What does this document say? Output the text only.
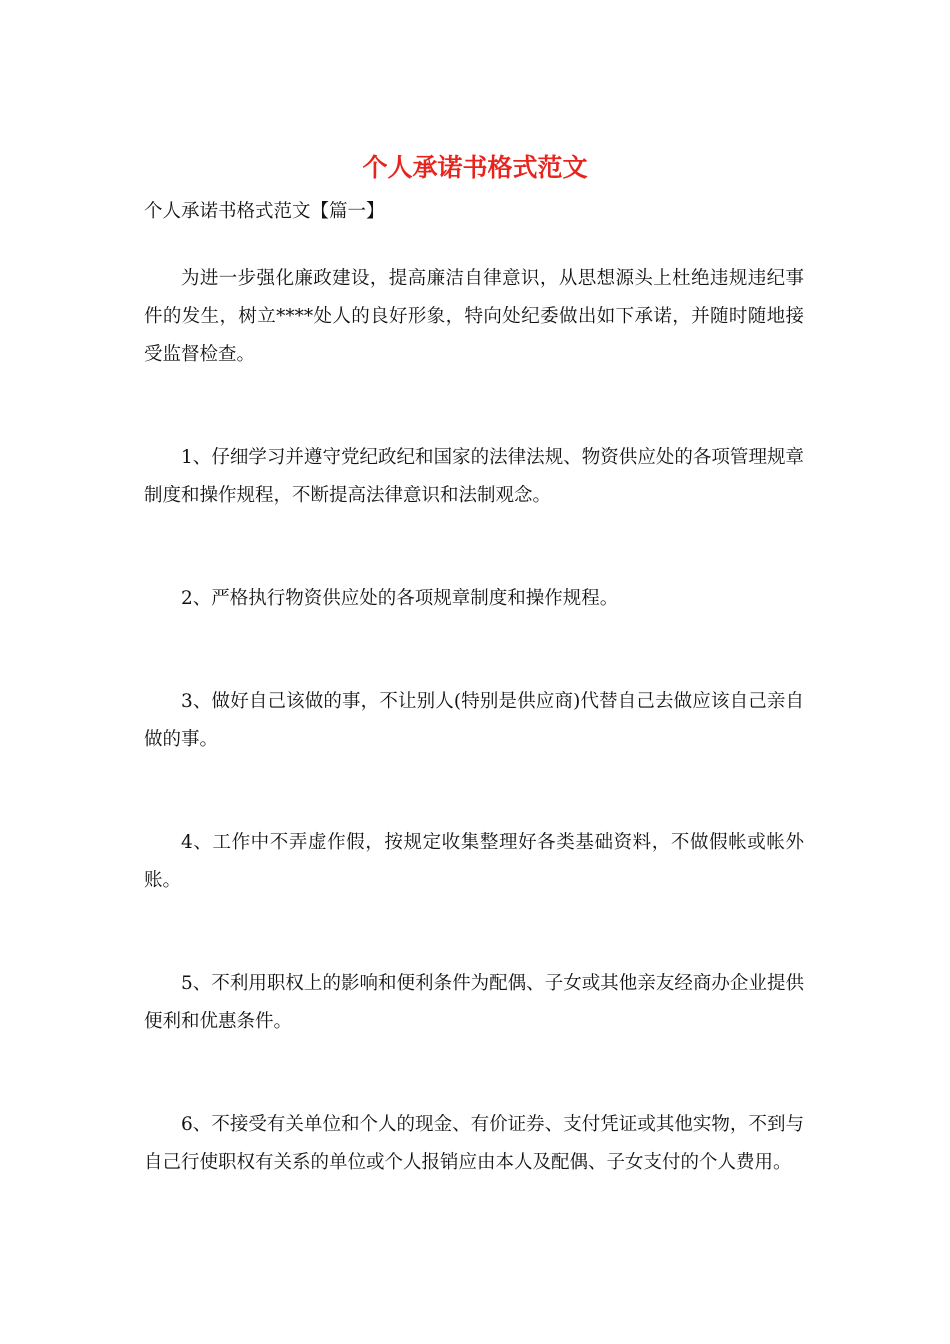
个人承诺书格式范文

个人承诺书格式范文【篇一】

为进一步强化廉政建设，提高廉洁自律意识，从思想源头上杜绝违规违纪事件的发生，树立****处人的良好形象，特向处纪委做出如下承诺，并随时随地接受监督检查。

1、仔细学习并遵守党纪政纪和国家的法律法规、物资供应处的各项管理规章制度和操作规程，不断提高法律意识和法制观念。

2、严格执行物资供应处的各项规章制度和操作规程。

3、做好自己该做的事，不让别人(特别是供应商)代替自己去做应该自己亲自做的事。

4、工作中不弄虚作假，按规定收集整理好各类基础资料，不做假帐或帐外账。

5、不利用职权上的影响和便利条件为配偶、子女或其他亲友经商办企业提供便利和优惠条件。

6、不接受有关单位和个人的现金、有价证券、支付凭证或其他实物，不到与自己行使职权有关系的单位或个人报销应由本人及配偶、子女支付的个人费用。
